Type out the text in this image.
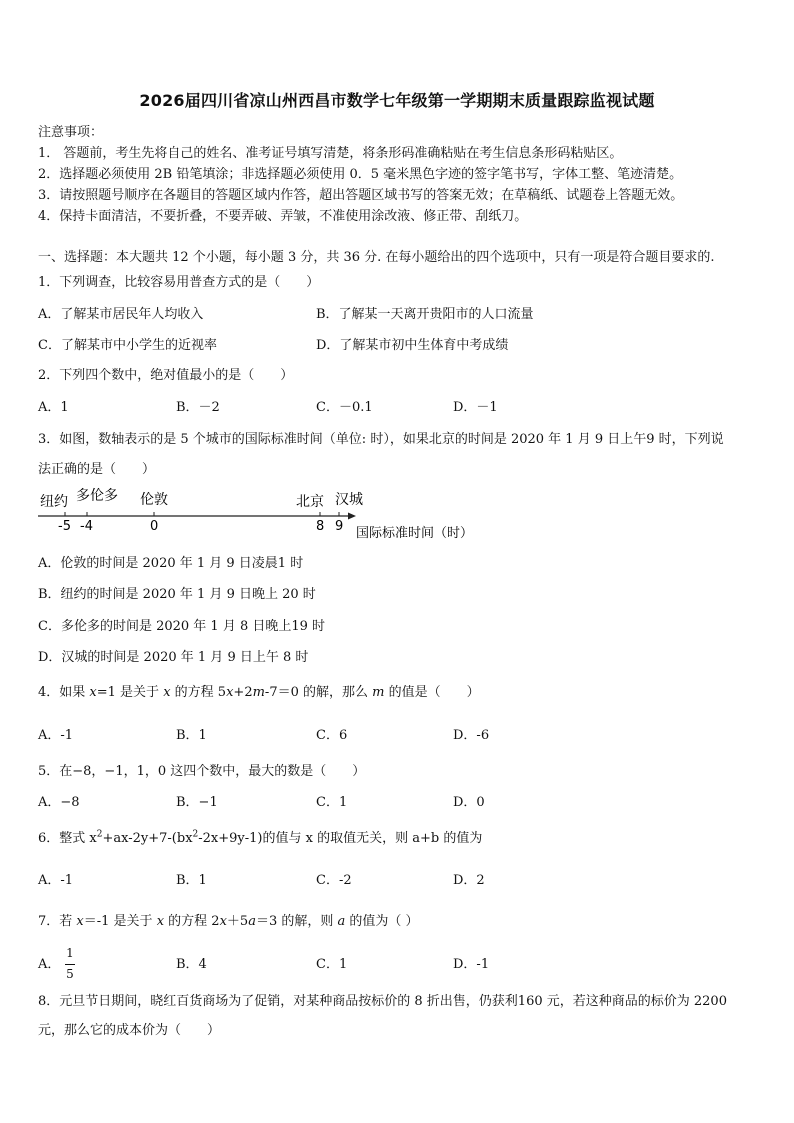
2026届四川省凉山州西昌市数学七年级第一学期期末质量跟踪监视试题
注意事项：
1． 答题前，考生先将自己的姓名、准考证号填写清楚，将条形码准确粘贴在考生信息条形码粘贴区。
2．选择题必须使用 2B 铅笔填涂；非选择题必须使用 0．5 毫米黑色字迹的签字笔书写，字体工整、笔迹清楚。
3．请按照题号顺序在各题目的答题区域内作答，超出答题区域书写的答案无效；在草稿纸、试题卷上答题无效。
4．保持卡面清洁，不要折叠，不要弄破、弄皱，不准使用涂改液、修正带、刮纸刀。
一、选择题：本大题共 12 个小题，每小题 3 分，共 36 分. 在每小题给出的四个选项中，只有一项是符合题目要求的.
1．下列调查，比较容易用普查方式的是（　　）
A．了解某市居民年人均收入	B．了解某一天离开贵阳市的人口流量
C．了解某市中小学生的近视率	D．了解某市初中生体育中考成绩
2．下列四个数中，绝对值最小的是（　　）
A．1	B．－2	C．－0.1	D．－1
3．如图，数轴表示的是 5 个城市的国际标准时间（单位: 时），如果北京的时间是 2020 年 1 月 9 日上午9 时，下列说
法正确的是（　　）
纽约 多伦多 伦敦	北京 汉城
-5 -4	0	8 9 国际标准时间（时）
A．伦敦的时间是 2020 年 1 月 9 日凌晨1 时
B．纽约的时间是 2020 年 1 月 9 日晚上 20 时
C．多伦多的时间是 2020 年 1 月 8 日晚上19 时
D．汉城的时间是 2020 年 1 月 9 日上午 8 时
4．如果 x=1 是关于 x 的方程 5x+2m-7＝0 的解，那么 m 的值是（　　）
A．-1	B．1	C．6	D．-6
5．在−8，−1，1，0 这四个数中，最大的数是（　　）
A．−8	B．−1	C．1	D．0
6．整式 $x^2+ax-2y+7-(bx^2-2x+9y-1)$的值与 x 的取值无关，则 a+b 的值为
A．-1	B．1	C．-2	D．2
7．若 x＝-1 是关于 x 的方程 2x＋5a＝3 的解，则 a 的值为（ ）
A．
1
5
B．4	C．1	D．-1
8．元旦节日期间，晓红百货商场为了促销，对某种商品按标价的 8 折出售，仍获利160 元，若这种商品的标价为 2200
元，那么它的成本价为（　　）
